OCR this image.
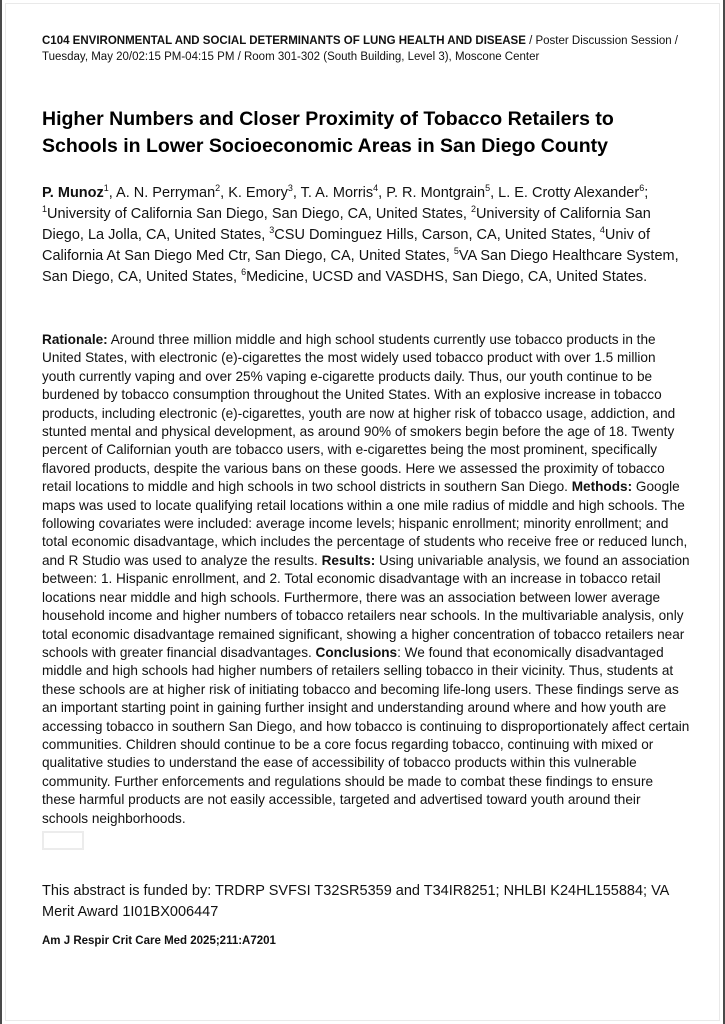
C104 ENVIRONMENTAL AND SOCIAL DETERMINANTS OF LUNG HEALTH AND DISEASE / Poster Discussion Session / Tuesday, May 20/02:15 PM-04:15 PM / Room 301-302 (South Building, Level 3), Moscone Center

Higher Numbers and Closer Proximity of Tobacco Retailers to Schools in Lower Socioeconomic Areas in San Diego County

P. Munoz$^1$, A. N. Perryman$^2$, K. Emory$^3$, T. A. Morris$^4$, P. R. Montgrain$^5$, L. E. Crotty Alexander$^6$; $^1$University of California San Diego, San Diego, CA, United States, $^2$University of California San Diego, La Jolla, CA, United States, $^3$CSU Dominguez Hills, Carson, CA, United States, $^4$Univ of California At San Diego Med Ctr, San Diego, CA, United States, $^5$VA San Diego Healthcare System, San Diego, CA, United States, $^6$Medicine, UCSD and VASDHS, San Diego, CA, United States.

Rationale: Around three million middle and high school students currently use tobacco products in the United States, with electronic (e)-cigarettes the most widely used tobacco product with over 1.5 million youth currently vaping and over 25% vaping e-cigarette products daily. Thus, our youth continue to be burdened by tobacco consumption throughout the United States. With an explosive increase in tobacco products, including electronic (e)-cigarettes, youth are now at higher risk of tobacco usage, addiction, and stunted mental and physical development, as around 90% of smokers begin before the age of 18. Twenty percent of Californian youth are tobacco users, with e-cigarettes being the most prominent, specifically flavored products, despite the various bans on these goods. Here we assessed the proximity of tobacco retail locations to middle and high schools in two school districts in southern San Diego. Methods: Google maps was used to locate qualifying retail locations within a one mile radius of middle and high schools. The following covariates were included: average income levels; hispanic enrollment; minority enrollment; and total economic disadvantage, which includes the percentage of students who receive free or reduced lunch, and R Studio was used to analyze the results. Results: Using univariable analysis, we found an association between: 1. Hispanic enrollment, and 2. Total economic disadvantage with an increase in tobacco retail locations near middle and high schools. Furthermore, there was an association between lower average household income and higher numbers of tobacco retailers near schools. In the multivariable analysis, only total economic disadvantage remained significant, showing a higher concentration of tobacco retailers near schools with greater financial disadvantages. Conclusions: We found that economically disadvantaged middle and high schools had higher numbers of retailers selling tobacco in their vicinity. Thus, students at these schools are at higher risk of initiating tobacco and becoming life-long users. These findings serve as an important starting point in gaining further insight and understanding around where and how youth are accessing tobacco in southern San Diego, and how tobacco is continuing to disproportionately affect certain communities. Children should continue to be a core focus regarding tobacco, continuing with mixed or qualitative studies to understand the ease of accessibility of tobacco products within this vulnerable community. Further enforcements and regulations should be made to combat these findings to ensure these harmful products are not easily accessible, targeted and advertised toward youth around their schools neighborhoods.

This abstract is funded by: TRDRP SVFSI T32SR5359 and T34IR8251; NHLBI K24HL155884; VA Merit Award 1I01BX006447

Am J Respir Crit Care Med 2025;211:A7201
